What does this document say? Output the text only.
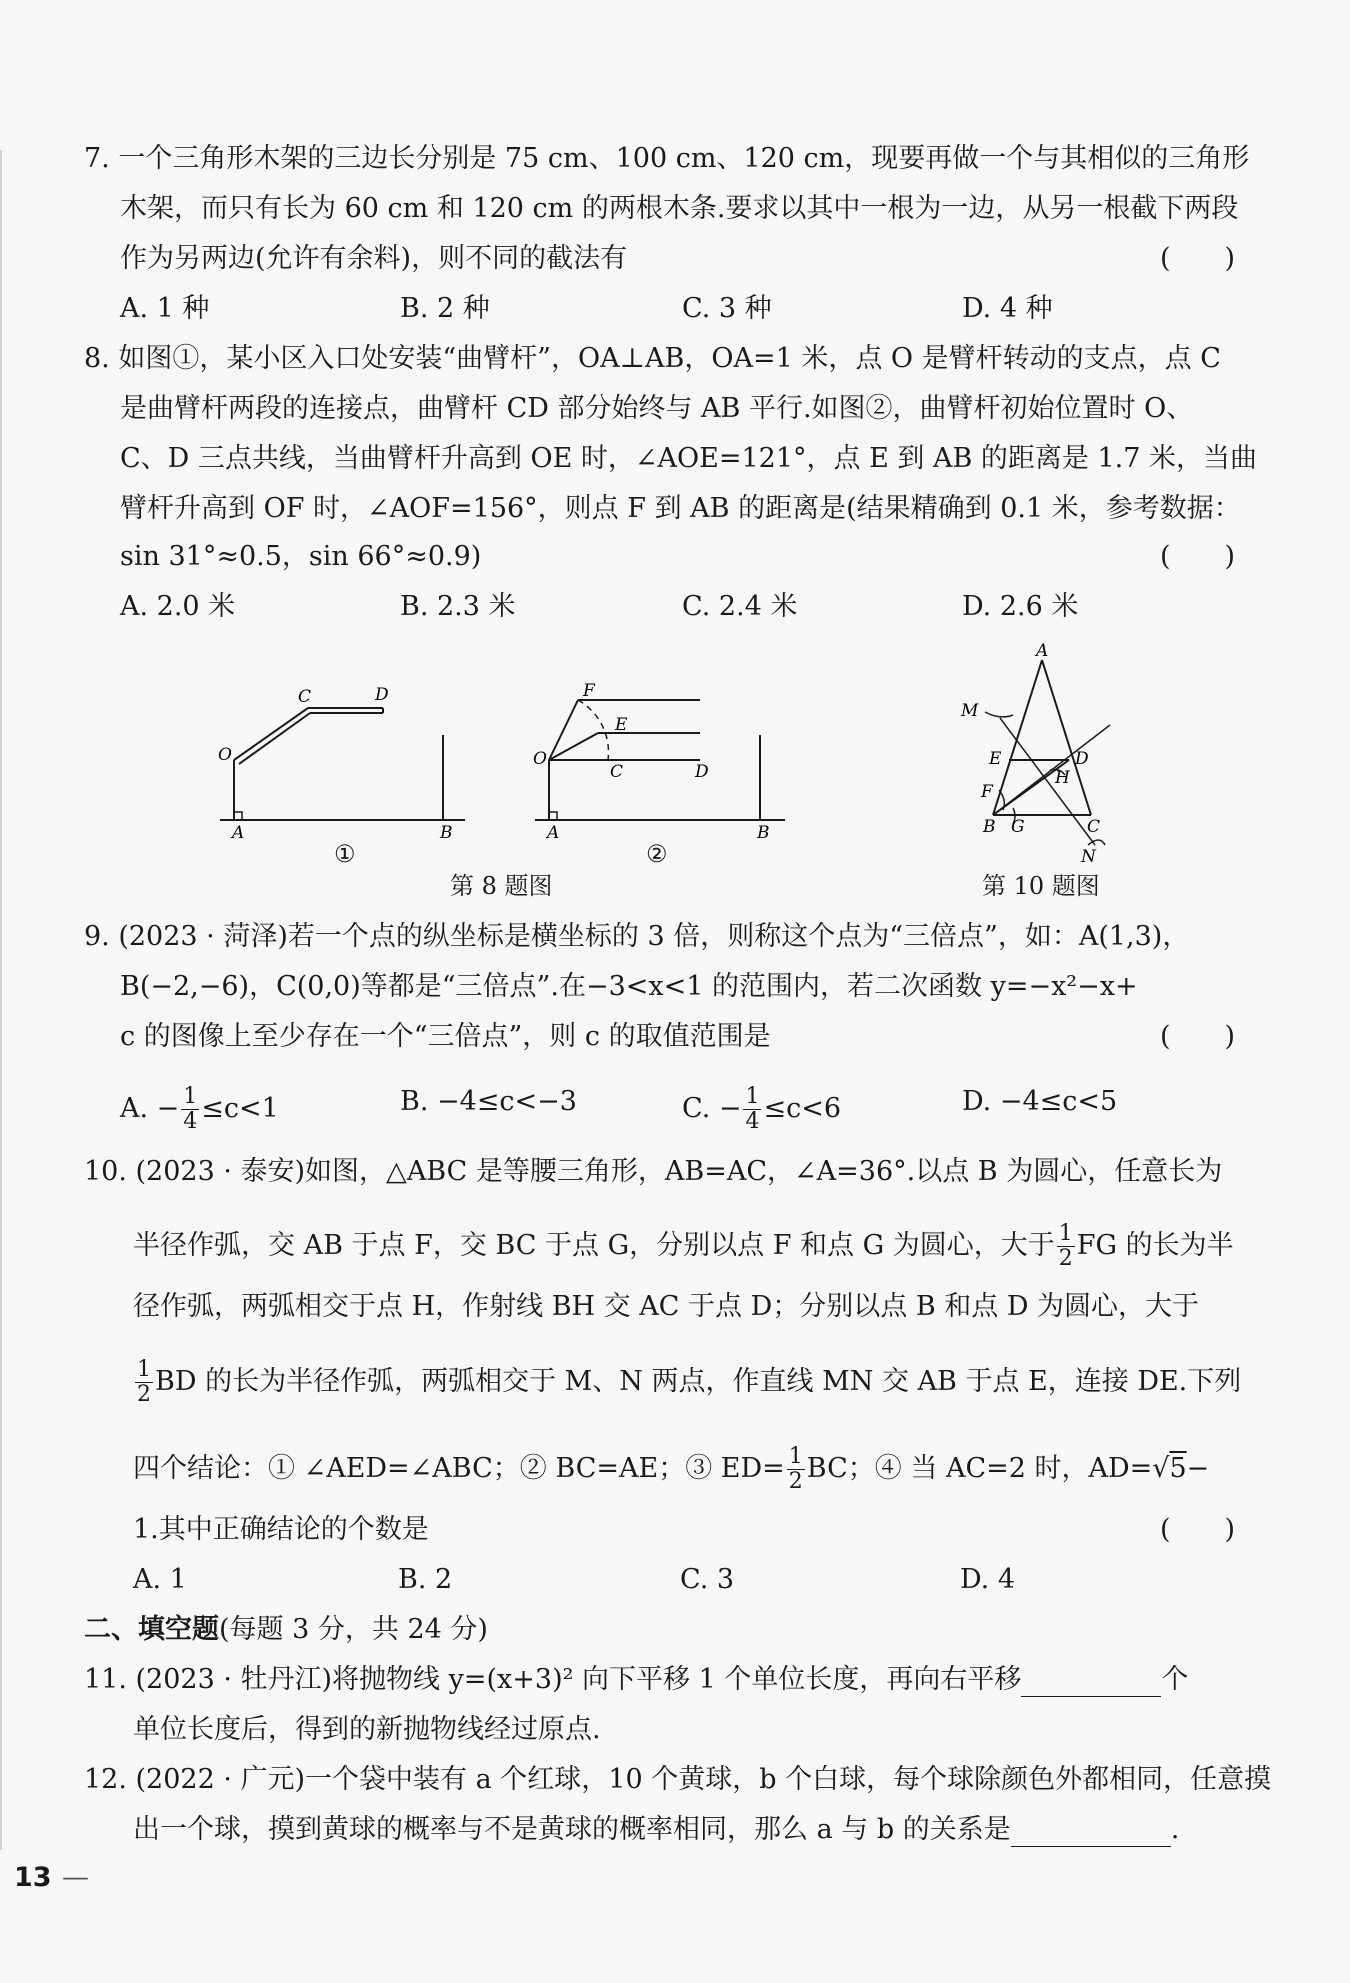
7. 一个三角形木架的三边长分别是 75 cm、100 cm、120 cm，现要再做一个与其相似的三角形
木架，而只有长为 60 cm 和 120 cm 的两根木条.要求以其中一根为一边，从另一根截下两段
作为另两边(允许有余料)，则不同的截法有	(　　)
A. 1 种	B. 2 种	C. 3 种	D. 4 种
8. 如图①，某小区入口处安装“曲臂杆”，OA⊥AB，OA=1 米，点 O 是臂杆转动的支点，点 C
是曲臂杆两段的连接点，曲臂杆 CD 部分始终与 AB 平行.如图②，曲臂杆初始位置时 O、
C、D 三点共线，当曲臂杆升高到 OE 时，∠AOE=121°，点 E 到 AB 的距离是 1.7 米，当曲
臂杆升高到 OF 时，∠AOF=156°，则点 F 到 AB 的距离是(结果精确到 0.1 米，参考数据：
sin 31°≈0.5，sin 66°≈0.9)	(　　)
A. 2.0 米	B. 2.3 米	C. 2.4 米	D. 2.6 米
O
A	B
C	D
①
O
A	B
C	D
E
F
②
第 8 题图
A
B	C
D
E
F
G
H
M
N
第 10 题图
9. (2023 · 菏泽)若一个点的纵坐标是横坐标的 3 倍，则称这个点为“三倍点”，如：A(1,3)，
B(−2,−6)，C(0,0)等都是“三倍点”.在−3<x<1 的范围内，若二次函数 y=−x²−x+
c 的图像上至少存在一个“三倍点”，则 c 的取值范围是	(　　)
A. − $\frac{1}{4} \le c<1$	B. −4≤c<−3	C. − $\frac{1}{4} \le c<6$	D. −4≤c<5
10. (2023 · 泰安)如图，△ABC 是等腰三角形，AB=AC，∠A=36°.以点 B 为圆心，任意长为
半径作弧，交 AB 于点 F，交 BC 于点 G，分别以点 F 和点 G 为圆心，大于 $\frac{1}{2}$ FG 的长为半
径作弧，两弧相交于点 H，作射线 BH 交 AC 于点 D；分别以点 B 和点 D 为圆心，大于
$\frac{1}{2}$ BD 的长为半径作弧，两弧相交于 M、N 两点，作直线 MN 交 AB 于点 E，连接 DE.下列
四个结论：① ∠AED=∠ABC；② BC=AE；③ $ED= \frac{1}{2}$ BC；④ 当 AC=2 时，AD=√5−
1.其中正确结论的个数是	(　　)
A. 1	B. 2	C. 3	D. 4
二、填空题(每题 3 分，共 24 分)
11. (2023 · 牡丹江)将抛物线 y=(x+3)² 向下平移 1 个单位长度，再向右平移	个
单位长度后，得到的新抛物线经过原点.
12. (2022 · 广元)一个袋中装有 a 个红球，10 个黄球，b 个白球，每个球除颜色外都相同，任意摸
出一个球，摸到黄球的概率与不是黄球的概率相同，那么 a 与 b 的关系是	.
13 —
